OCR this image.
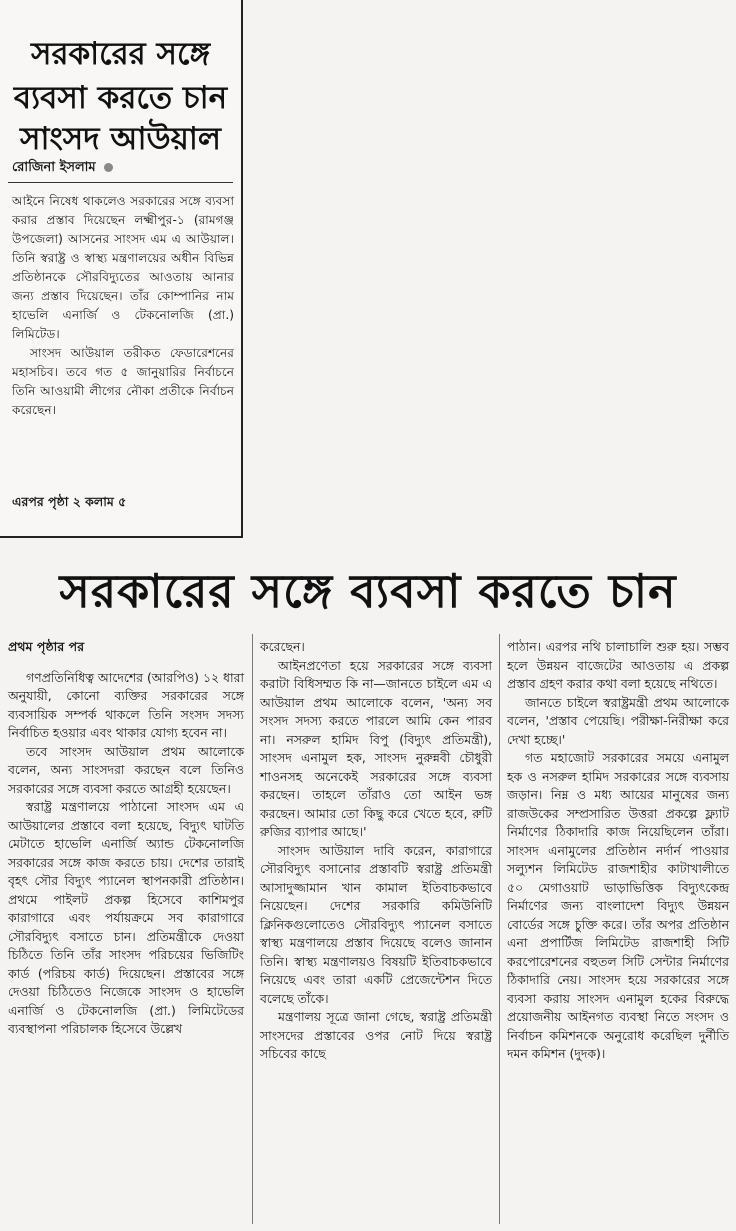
সরকারের সঙ্গে
ব্যবসা করতে চান
সাংসদ আউয়াল
রোজিনা ইসলাম

আইনে নিষেধ থাকলেও সরকারের সঙ্গে ব্যবসা করার প্রস্তাব দিয়েছেন লক্ষ্মীপুর-১ (রামগঞ্জ উপজেলা) আসনের সাংসদ এম এ আউয়াল। তিনি স্বরাষ্ট্র ও স্বাস্থ্য মন্ত্রণালয়ের অধীন বিভিন্ন প্রতিষ্ঠানকে সৌরবিদ্যুতের আওতায় আনার জন্য প্রস্তাব দিয়েছেন। তাঁর কোম্পানির নাম হাভেলি এনার্জি ও টেকনোলজি (প্রা.) লিমিটেড।

সাংসদ আউয়াল তরীকত ফেডারেশনের মহাসচিব। তবে গত ৫ জানুয়ারির নির্বাচনে তিনি আওয়ামী লীগের নৌকা প্রতীকে নির্বাচন করেছেন।

এরপর পৃষ্ঠা ২ কলাম ৫
সরকারের সঙ্গে ব্যবসা করতে চান

প্রথম পৃষ্ঠার পর

গণপ্রতিনিধিত্ব আদেশের (আরপিও) ১২ ধারা অনুযায়ী, কোনো ব্যক্তির সরকারের সঙ্গে ব্যবসায়িক সম্পর্ক থাকলে তিনি সংসদ সদস্য নির্বাচিত হওয়ার এবং থাকার যোগ্য হবেন না।

তবে সাংসদ আউয়াল প্রথম আলোকে বলেন, অন্য সাংসদরা করছেন বলে তিনিও সরকারের সঙ্গে ব্যবসা করতে আগ্রহী হয়েছেন।

স্বরাষ্ট্র মন্ত্রণালয়ে পাঠানো সাংসদ এম এ আউয়ালের প্রস্তাবে বলা হয়েছে, বিদ্যুৎ ঘাটতি মেটাতে হাভেলি এনার্জি অ্যান্ড টেকনোলজি সরকারের সঙ্গে কাজ করতে চায়। দেশের তারাই বৃহৎ সৌর বিদ্যুৎ প্যানেল স্থাপনকারী প্রতিষ্ঠান। প্রথমে পাইলট প্রকল্প হিসেবে কাশিমপুর কারাগারে এবং পর্যায়ক্রমে সব কারাগারে সৌরবিদ্যুৎ বসাতে চান। প্রতিমন্ত্রীকে দেওয়া চিঠিতে তিনি তাঁর সাংসদ পরিচয়ের ভিজিটিং কার্ড (পরিচয় কার্ড) দিয়েছেন। প্রস্তাবের সঙ্গে দেওয়া চিঠিতেও নিজেকে সাংসদ ও হাভেলি এনার্জি ও টেকনোলজি (প্রা.) লিমিটেডের ব্যবস্থাপনা পরিচালক হিসেবে উল্লেখ

করেছেন।

আইনপ্রণেতা হয়ে সরকারের সঙ্গে ব্যবসা করাটা বিধিসম্মত কি না—জানতে চাইলে এম এ আউয়াল প্রথম আলোকে বলেন, 'অন্য সব সংসদ সদস্য করতে পারলে আমি কেন পারব না। নসরুল হামিদ বিপু (বিদ্যুৎ প্রতিমন্ত্রী), সাংসদ এনামুল হক, সাংসদ নুরুন্নবী চৌধুরী শাওনসহ অনেকেই সরকারের সঙ্গে ব্যবসা করছেন। তাহলে তাঁরাও তো আইন ভঙ্গ করছেন। আমার তো কিছু করে খেতে হবে, রুটি রুজির ব্যাপার আছে।'

সাংসদ আউয়াল দাবি করেন, কারাগারে সৌরবিদ্যুৎ বসানোর প্রস্তাবটি স্বরাষ্ট্র প্রতিমন্ত্রী আসাদুজ্জামান খান কামাল ইতিবাচকভাবে নিয়েছেন। দেশের সরকারি কমিউনিটি ক্লিনিকগুলোতেও সৌরবিদ্যুৎ প্যানেল বসাতে স্বাস্থ্য মন্ত্রণালয়ে প্রস্তাব দিয়েছে বলেও জানান তিনি। স্বাস্থ্য মন্ত্রণালয়ও বিষয়টি ইতিবাচকভাবে নিয়েছে এবং তারা একটি প্রেজেন্টেশন দিতে বলেছে তাঁকে।

মন্ত্রণালয় সূত্রে জানা গেছে, স্বরাষ্ট্র প্রতিমন্ত্রী সাংসদের প্রস্তাবের ওপর নোট দিয়ে স্বরাষ্ট্র সচিবের কাছে

পাঠান। এরপর নথি চালাচালি শুরু হয়। সম্ভব হলে উন্নয়ন বাজেটের আওতায় এ প্রকল্প প্রস্তাব গ্রহণ করার কথা বলা হয়েছে নথিতে।

জানতে চাইলে স্বরাষ্ট্রমন্ত্রী প্রথম আলোকে বলেন, 'প্রস্তাব পেয়েছি। পরীক্ষা-নিরীক্ষা করে দেখা হচ্ছে।'

গত মহাজোট সরকারের সময়ে এনামুল হক ও নসরুল হামিদ সরকারের সঙ্গে ব্যবসায় জড়ান। নিম্ন ও মধ্য আয়ের মানুষের জন্য রাজউকের সম্প্রসারিত উত্তরা প্রকল্পে ফ্ল্যাট নির্মাণের ঠিকাদারি কাজ নিয়েছিলেন তাঁরা। সাংসদ এনামুলের প্রতিষ্ঠান নর্দার্ন পাওয়ার সল্যুশন লিমিটেড রাজশাহীর কাটাখালীতে ৫০ মেগাওয়াট ভাড়াভিত্তিক বিদ্যুৎকেন্দ্র নির্মাণের জন্য বাংলাদেশ বিদ্যুৎ উন্নয়ন বোর্ডের সঙ্গে চুক্তি করে। তাঁর অপর প্রতিষ্ঠান এনা প্রপার্টিজ লিমিটেড রাজশাহী সিটি করপোরেশনের বহুতল সিটি সেন্টার নির্মাণের ঠিকাদারি নেয়। সাংসদ হয়ে সরকারের সঙ্গে ব্যবসা করায় সাংসদ এনামুল হকের বিরুদ্ধে প্রয়োজনীয় আইনগত ব্যবস্থা নিতে সংসদ ও নির্বাচন কমিশনকে অনুরোধ করেছিল দুর্নীতি দমন কমিশন (দুদক)।
